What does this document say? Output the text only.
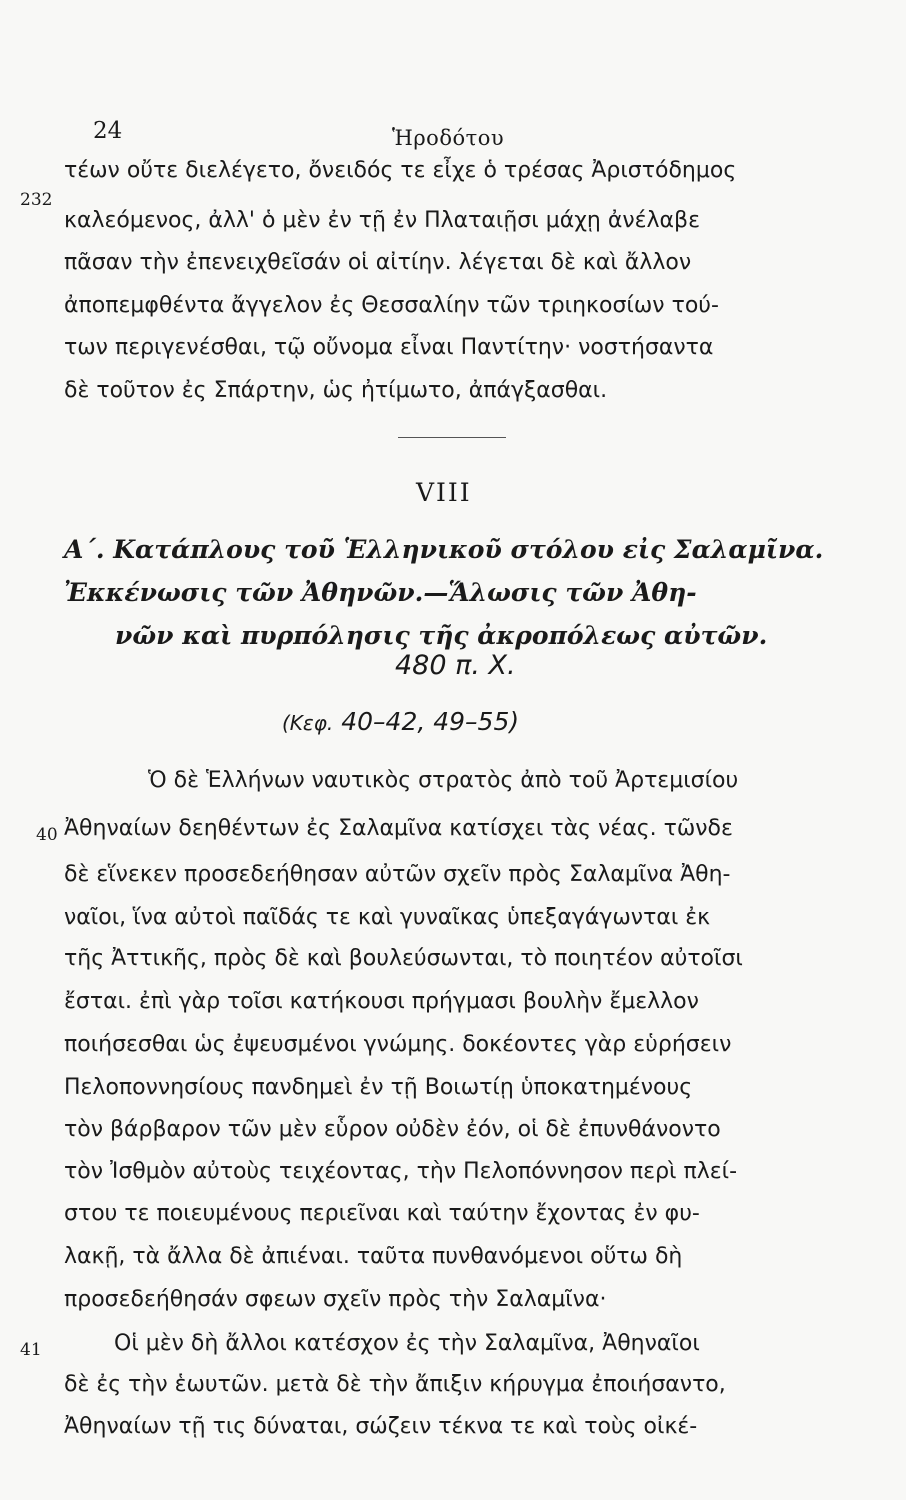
24	Ἡροδότου
232
τέων οὔτε διελέγετο, ὄνειδός τε εἶχε ὁ τρέσας Ἀριστόδημος
καλεόμενος, ἀλλ' ὁ μὲν ἐν τῇ ἐν Πλαταιῇσι μάχῃ ἀνέλαβε
πᾶσαν τὴν ἐπενειχθεῖσάν οἱ αἰτίην. λέγεται δὲ καὶ ἄλλον
ἀποπεμφθέντα ἄγγελον ἐς Θεσσαλίην τῶν τριηκοσίων τού-
των περιγενέσθαι, τῷ οὔνομα εἶναι Παντίτην· νοστήσαντα
δὲ τοῦτον ἐς Σπάρτην, ὡς ἠτίμωτο, ἀπάγξασθαι.
VIII
Α΄. Κατάπλους τοῦ Ἑλληνικοῦ στόλου εἰς Σαλαμῖνα.
Ἐκκένωσις τῶν Ἀθηνῶν.—Ἅλωσις τῶν Ἀθη-
νῶν καὶ πυρπόλησις τῆς ἀκροπόλεως αὐτῶν.
480 π. Χ.
(Κεφ. 40–42, 49–55)
Ὁ δὲ Ἑλλήνων ναυτικὸς στρατὸς ἀπὸ τοῦ Ἀρτεμισίου
40 Ἀθηναίων δεηθέντων ἐς Σαλαμῖνα κατίσχει τὰς νέας. τῶνδε
δὲ εἵνεκεν προσεδεήθησαν αὐτῶν σχεῖν πρὸς Σαλαμῖνα Ἀθη-
ναῖοι, ἵνα αὐτοὶ παῖδάς τε καὶ γυναῖκας ὑπεξαγάγωνται ἐκ
τῆς Ἀττικῆς, πρὸς δὲ καὶ βουλεύσωνται, τὸ ποιητέον αὐτοῖσι
ἔσται. ἐπὶ γὰρ τοῖσι κατήκουσι πρήγμασι βουλὴν ἔμελλον
ποιήσεσθαι ὡς ἐψευσμένοι γνώμης. δοκέοντες γὰρ εὑρήσειν
Πελοποννησίους πανδημεὶ ἐν τῇ Βοιωτίῃ ὑποκατημένους
τὸν βάρβαρον τῶν μὲν εὗρον οὐδὲν ἐόν, οἱ δὲ ἐπυνθάνοντο
τὸν Ἰσθμὸν αὐτοὺς τειχέοντας, τὴν Πελοπόννησον περὶ πλεί-
στου τε ποιευμένους περιεῖναι καὶ ταύτην ἔχοντας ἐν φυ-
λακῇ, τὰ ἄλλα δὲ ἀπιέναι. ταῦτα πυνθανόμενοι οὕτω δὴ
προσεδεήθησάν σφεων σχεῖν πρὸς τὴν Σαλαμῖνα·
41	Οἱ μὲν δὴ ἄλλοι κατέσχον ἐς τὴν Σαλαμῖνα, Ἀθηναῖοι
δὲ ἐς τὴν ἑωυτῶν. μετὰ δὲ τὴν ἄπιξιν κήρυγμα ἐποιήσαντο,
Ἀθηναίων τῇ τις δύναται, σώζειν τέκνα τε καὶ τοὺς οἰκέ-
